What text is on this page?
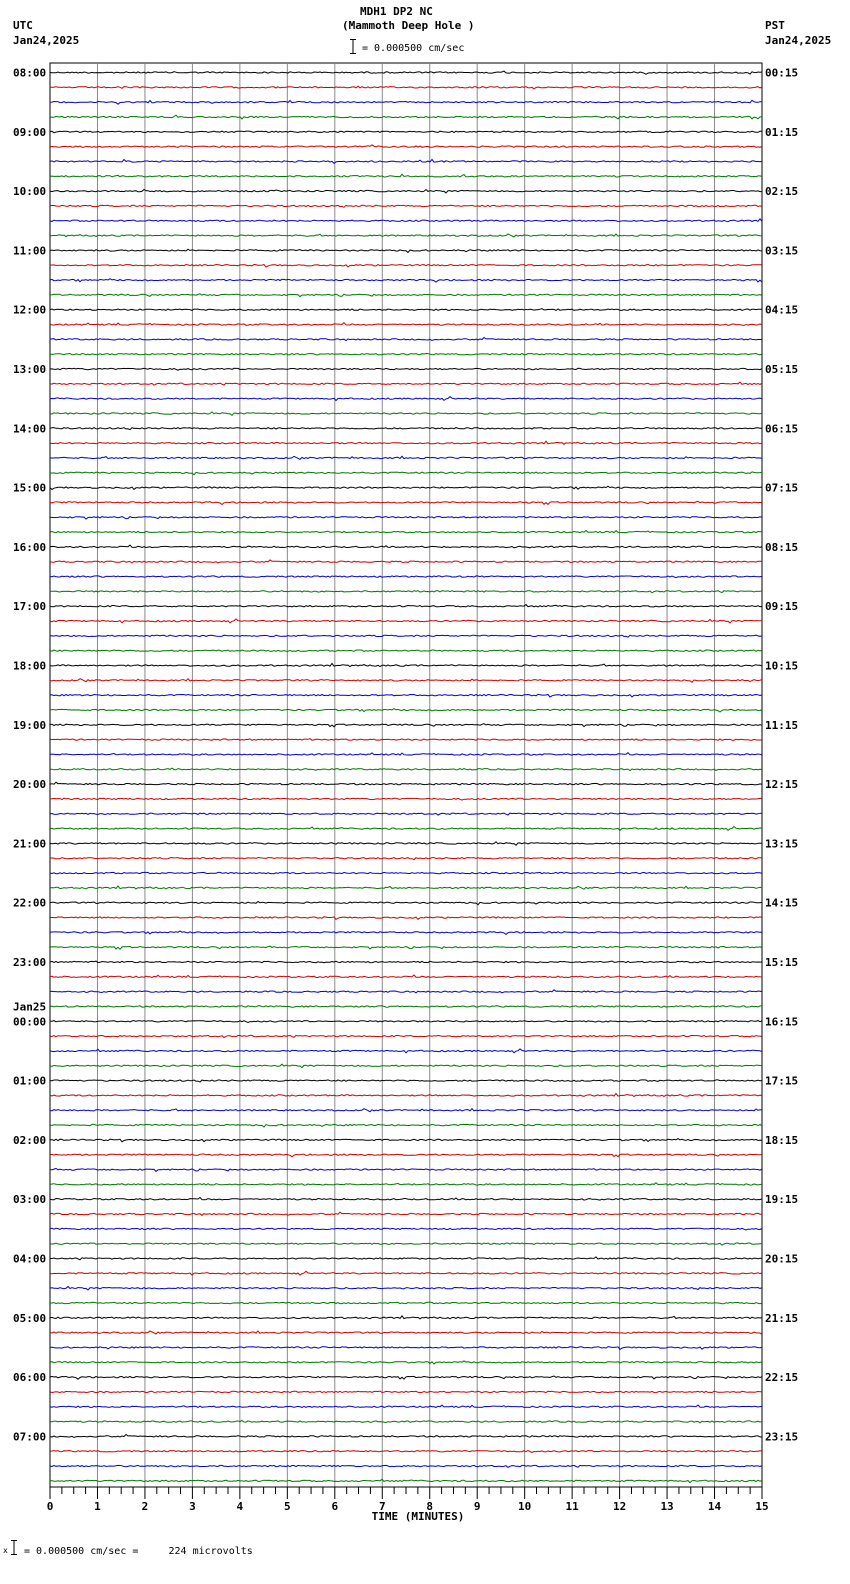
08:00
09:00
10:00
11:00
12:00
13:00
14:00
15:00
16:00
17:00
18:00
19:00
20:00
21:00
22:00
23:00
00:00
01:00
02:00
03:00
04:00
05:00
06:00
07:00
00:15
01:15
02:15
03:15
04:15
05:15
06:15
07:15
08:15
09:15
10:15
11:15
12:15
13:15
14:15
15:15
16:15
17:15
18:15
19:15
20:15
21:15
22:15
23:15
Jan25
0	1	2	3	4	5	6	7	8	9	10	11	12	13	14	15
TIME (MINUTES)
MDH1 DP2 NC
(Mammoth Deep Hole )
= 0.000500 cm/sec
UTC
Jan24,2025
PST
Jan24,2025
x = 0.000500 cm/sec =     224 microvolts
